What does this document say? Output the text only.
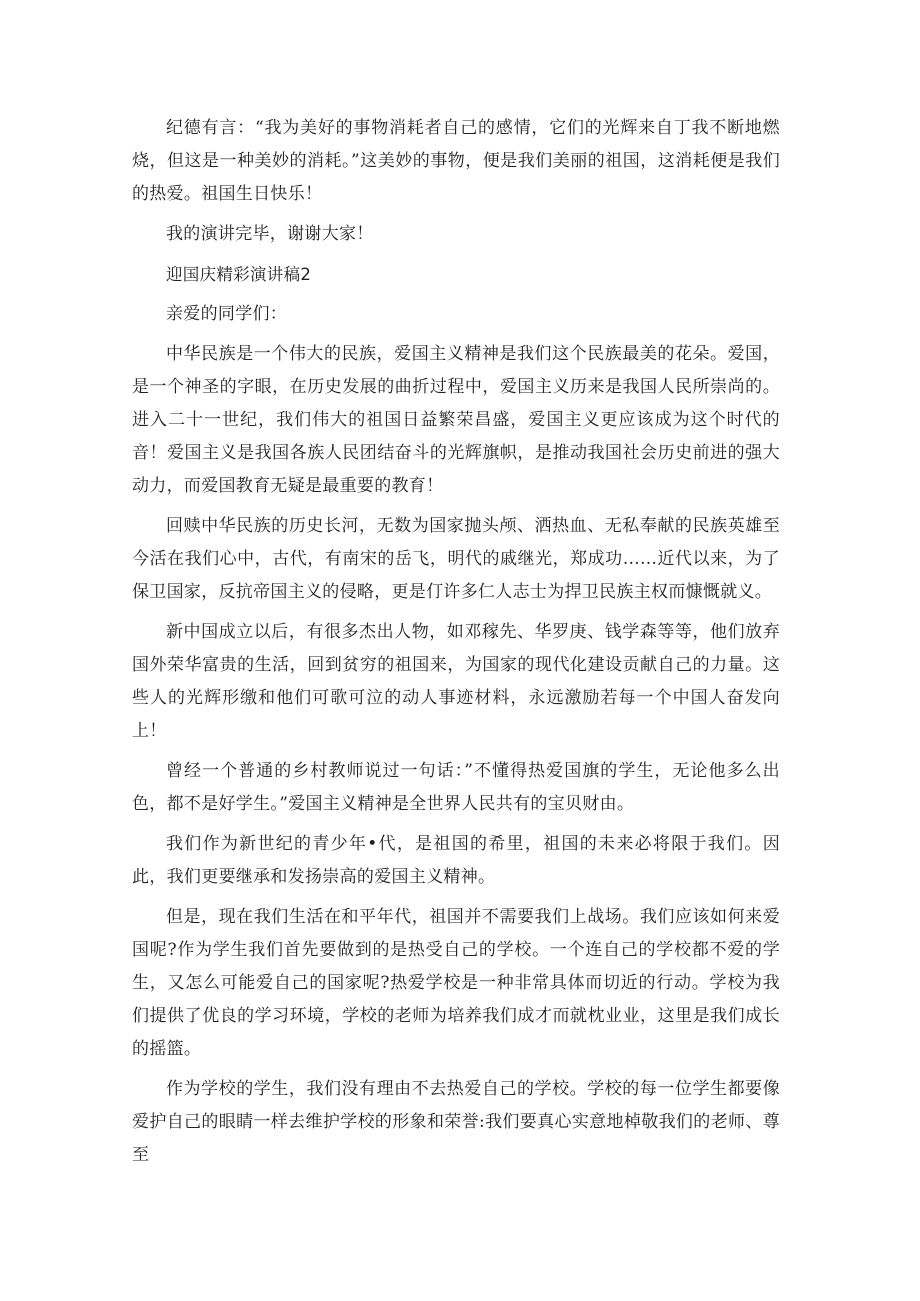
纪德有言：“我为美好的事物消耗者自己的感情，它们的光辉来自丁我不断地燃烧，但这是一种美妙的消耗。”这美妙的事物，便是我们美丽的祖国，这消耗便是我们的热爱。祖国生日快乐！

我的演讲完毕，谢谢大家！

迎国庆精彩演讲稿2

亲爱的同学们：

中华民族是一个伟大的民族，爱国主义精神是我们这个民族最美的花朵。爱国，是一个神圣的字眼，在历史发展的曲折过程中，爱国主义历来是我国人民所崇尚的。进入二十一世纪，我们伟大的祖国日益繁荣昌盛，爱国主义更应该成为这个时代的音！爱国主义是我国各族人民团结奋斗的光辉旗帜，是推动我国社会历史前进的强大动力，而爱国教育无疑是最重要的教育！

回赎中华民族的历史长河，无数为国家抛头颅、洒热血、无私奉献的民族英雄至今活在我们心中，古代，有南宋的岳飞，明代的戚继光，郑成功……近代以来，为了保卫国家，反抗帝国主义的侵略，更是仃许多仁人志士为捍卫民族主权而慷慨就义。

新中国成立以后，有很多杰出人物，如邓稼先、华罗庚、钱学森等等，他们放弃国外荣华富贵的生活，回到贫穷的祖国来，为国家的现代化建设贡献自己的力量。这些人的光辉形缴和他们可歌可泣的动人事迹材料，永远激励若每一个中国人奋发向上！

曾经一个普通的乡村教师说过一句话：”不懂得热爱国旗的学生，无论他多么出色，都不是好学生。”爱国主义精神是全世界人民共有的宝贝财由。

我们作为新世纪的青少年•代，是祖国的希里，祖国的未来必将限于我们。因此，我们更要继承和发扬崇高的爱国主义精神。

但是，现在我们生活在和平年代，祖国并不需要我们上战场。我们应该如何来爱国呢?作为学生我们首先要做到的是热受自己的学校。一个连自己的学校都不爱的学生，又怎么可能爱自己的国家呢?热爱学校是一种非常具体而切近的行动。学校为我们提供了优良的学习环境，学校的老师为培养我们成才而就枕业业，这里是我们成长的摇篮。

作为学校的学生，我们没有理由不去热爱自己的学校。学校的每一位学生都要像爱护自己的眼睛一样去维护学校的形象和荣誉:我们要真心实意地棹敬我们的老师、尊至
